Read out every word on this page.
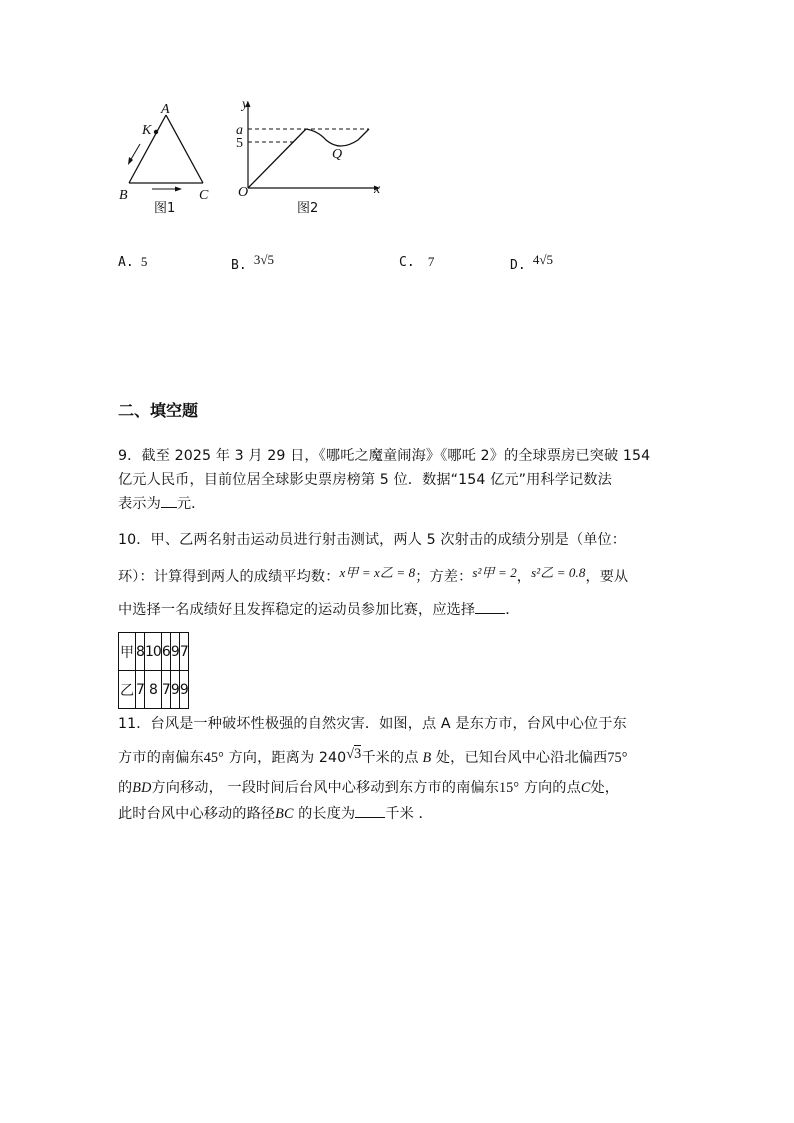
A
K
B	C
图1
y
a
5
Q
O	x
图2
A. 5	B. 3√5	C. 7	D. 4√5
二、填空题
9．截至 2025 年 3 月 29 日，《哪吒之魔童闹海》《哪吒 2》的全球票房已突破 154
亿元人民币，目前位居全球影史票房榜第 5 位．数据“154 亿元”用科学记数法
表示为 元．
10．甲、乙两名射击运动员进行射击测试，两人 5 次射击的成绩分别是（单位：
环）：计算得到两人的成绩平均数：x甲 = x乙 = 8；方差：s²甲 = 2，s²乙 = 0.8，要从
中选择一名成绩好且发挥稳定的运动员参加比赛，应选择 ．
甲	8	10	6	9	7
乙	7	8	7	9	9
11．台风是一种破坏性极强的自然灾害．如图，点 A 是东方市，台风中心位于东
方市的南偏东45° 方向，距离为 240√3千米的点 B 处，已知台风中心沿北偏西75°
的BD方向移动， 一段时间后台风中心移动到东方市的南偏东15° 方向的点C处，
此时台风中心移动的路径BC 的长度为 千米 ．
